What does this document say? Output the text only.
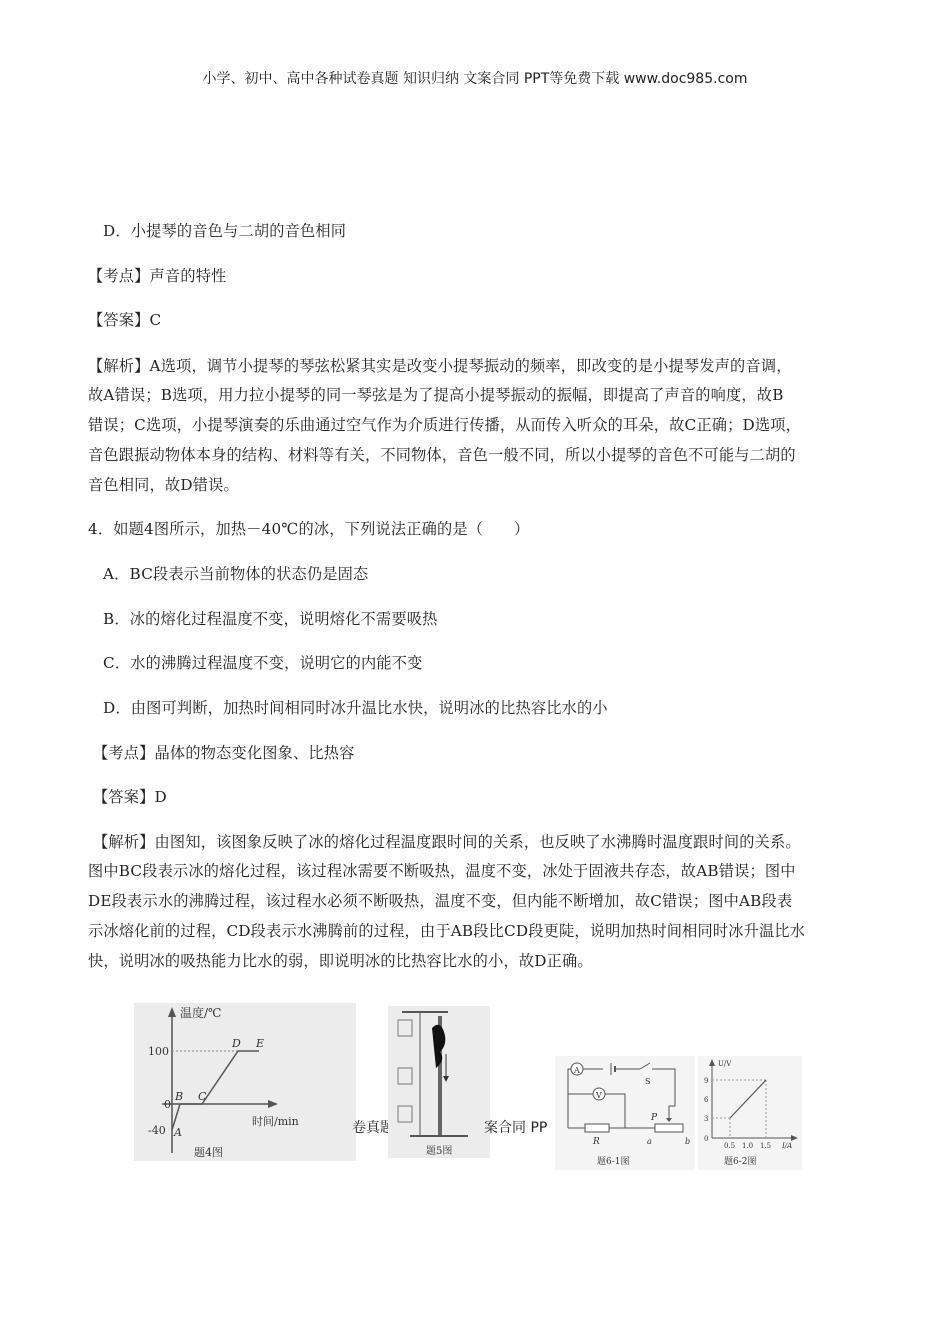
小学、初中、高中各种试卷真题 知识归纳 文案合同 PPT等免费下载 www.doc985.com
D．小提琴的音色与二胡的音色相同
【考点】声音的特性
【答案】C
【解析】A选项，调节小提琴的琴弦松紧其实是改变小提琴振动的频率，即改变的是小提琴发声的音调，
故A错误；B选项，用力拉小提琴的同一琴弦是为了提高小提琴振动的振幅，即提高了声音的响度，故B
错误；C选项，小提琴演奏的乐曲通过空气作为介质进行传播，从而传入听众的耳朵，故C正确；D选项，
音色跟振动物体本身的结构、材料等有关，不同物体，音色一般不同，所以小提琴的音色不可能与二胡的
音色相同，故D错误。
4．如题4图所示，加热－40℃的冰，下列说法正确的是（　　）
A．BC段表示当前物体的状态仍是固态
B．冰的熔化过程温度不变，说明熔化不需要吸热
C．水的沸腾过程温度不变，说明它的内能不变
D．由图可判断，加热时间相同时冰升温比水快，说明冰的比热容比水的小
【考点】晶体的物态变化图象、比热容
【答案】D
【解析】由图知，该图象反映了冰的熔化过程温度跟时间的关系，也反映了水沸腾时温度跟时间的关系。
图中BC段表示冰的熔化过程，该过程冰需要不断吸热，温度不变，冰处于固液共存态，故AB错误；图中
DE段表示水的沸腾过程，该过程水必须不断吸热，温度不变，但内能不断增加，故C错误；图中AB段表
示冰熔化前的过程，CD段表示水沸腾前的过程，由于AB段比CD段更陡，说明加热时间相同时冰升温比水
快，说明冰的吸热能力比水的弱，即说明冰的比热容比水的小，故D正确。
温度/℃
100
0
-40 A
B C
D E
时间/min
题4图
卷真题
题5图
案合同 PP
A
S
V
R
P
a	b
题6-1图
U/V
9
6
3
0
0.5 1.0 1.5 I/A
题6-2图
